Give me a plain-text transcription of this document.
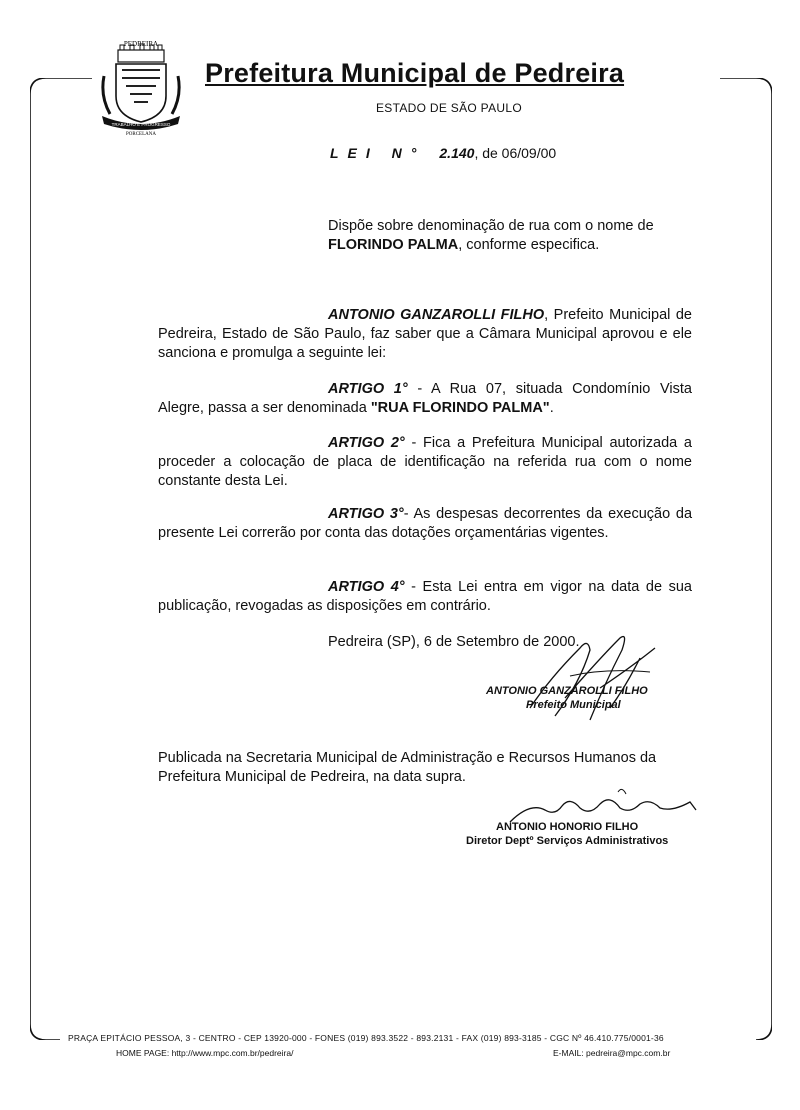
PEDREIRA
TRABALHO E PROGRESSO
PORCELANA
Prefeitura Municipal de Pedreira
ESTADO DE SÃO PAULO
LEI N° 2.140, de 06/09/00
Dispõe sobre denominação de rua com o nome de FLORINDO PALMA, conforme especifica.
ANTONIO GANZAROLLI FILHO, Prefeito Municipal de Pedreira, Estado de São Paulo, faz saber que a Câmara Municipal aprovou e ele sanciona e promulga a seguinte lei:
ARTIGO 1° - A Rua 07, situada Condomínio Vista Alegre, passa a ser denominada "RUA FLORINDO PALMA".
ARTIGO 2° - Fica a Prefeitura Municipal autorizada a proceder a colocação de placa de identificação na referida rua com o nome constante desta Lei.
ARTIGO 3°- As despesas decorrentes da execução da presente Lei correrão por conta das dotações orçamentárias vigentes.
ARTIGO 4° - Esta Lei entra em vigor na data de sua publicação, revogadas as disposições em contrário.
Pedreira (SP), 6 de Setembro de 2000.
ANTONIO GANZAROLLI FILHO
Prefeito Municipal
Publicada na Secretaria Municipal de Administração e Recursos Humanos da Prefeitura Municipal de Pedreira, na data supra.
ANTONIO HONORIO FILHO
Diretor Deptº Serviços Administrativos
PRAÇA EPITÁCIO PESSOA, 3 - CENTRO - CEP 13920-000 - FONES (019) 893.3522 - 893.2131 - FAX (019) 893-3185 - CGC Nº 46.410.775/0001-36
HOME PAGE: http://www.mpc.com.br/pedreira/	E-MAIL: pedreira@mpc.com.br
